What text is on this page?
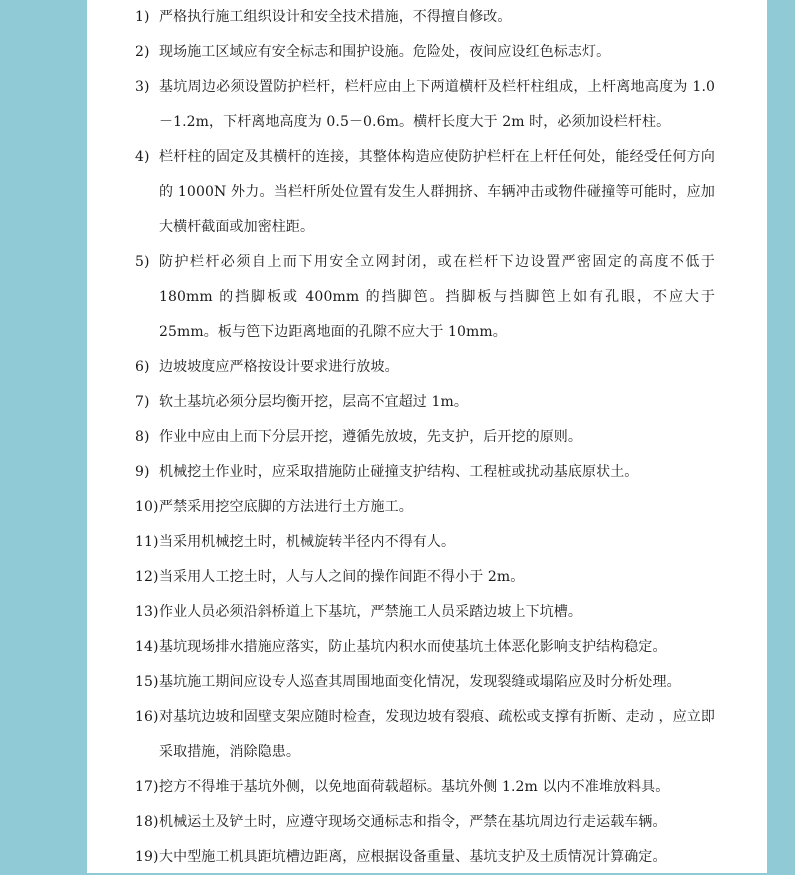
1) 严格执行施工组织设计和安全技术措施，不得擅自修改。
2) 现场施工区域应有安全标志和围护设施。危险处，夜间应设红色标志灯。
3) 基坑周边必须设置防护栏杆，栏杆应由上下两道横杆及栏杆柱组成，上杆离地高度为 1.0－1.2m，下杆离地高度为 0.5－0.6m。横杆长度大于 2m 时，必须加设栏杆柱。
4) 栏杆柱的固定及其横杆的连接，其整体构造应使防护栏杆在上杆任何处，能经受任何方向的 1000N 外力。当栏杆所处位置有发生人群拥挤、车辆冲击或物件碰撞等可能时，应加大横杆截面或加密柱距。
5) 防护栏杆必须自上而下用安全立网封闭，或在栏杆下边设置严密固定的高度不低于 180mm 的挡脚板或 400mm 的挡脚笆。挡脚板与挡脚笆上如有孔眼，不应大于 25mm。板与笆下边距离地面的孔隙不应大于 10mm。
6) 边坡坡度应严格按设计要求进行放坡。
7) 软土基坑必须分层均衡开挖，层高不宜超过 1m。
8) 作业中应由上而下分层开挖，遵循先放坡，先支护，后开挖的原则。
9) 机械挖土作业时，应采取措施防止碰撞支护结构、工程桩或扰动基底原状土。
10) 严禁采用挖空底脚的方法进行土方施工。
11) 当采用机械挖土时，机械旋转半径内不得有人。
12) 当采用人工挖土时，人与人之间的操作间距不得小于 2m。
13) 作业人员必须沿斜桥道上下基坑，严禁施工人员采踏边坡上下坑槽。
14) 基坑现场排水措施应落实，防止基坑内积水而使基坑土体恶化影响支护结构稳定。
15) 基坑施工期间应设专人巡查其周围地面变化情况，发现裂缝或塌陷应及时分析处理。
16) 对基坑边坡和固壁支架应随时检查，发现边坡有裂痕、疏松或支撑有折断、走动 ，应立即采取措施，消除隐患。
17) 挖方不得堆于基坑外侧，以免地面荷载超标。基坑外侧 1.2m 以内不准堆放料具。
18) 机械运土及铲土时，应遵守现场交通标志和指令，严禁在基坑周边行走运载车辆。
19) 大中型施工机具距坑槽边距离，应根据设备重量、基坑支护及土质情况计算确定。
